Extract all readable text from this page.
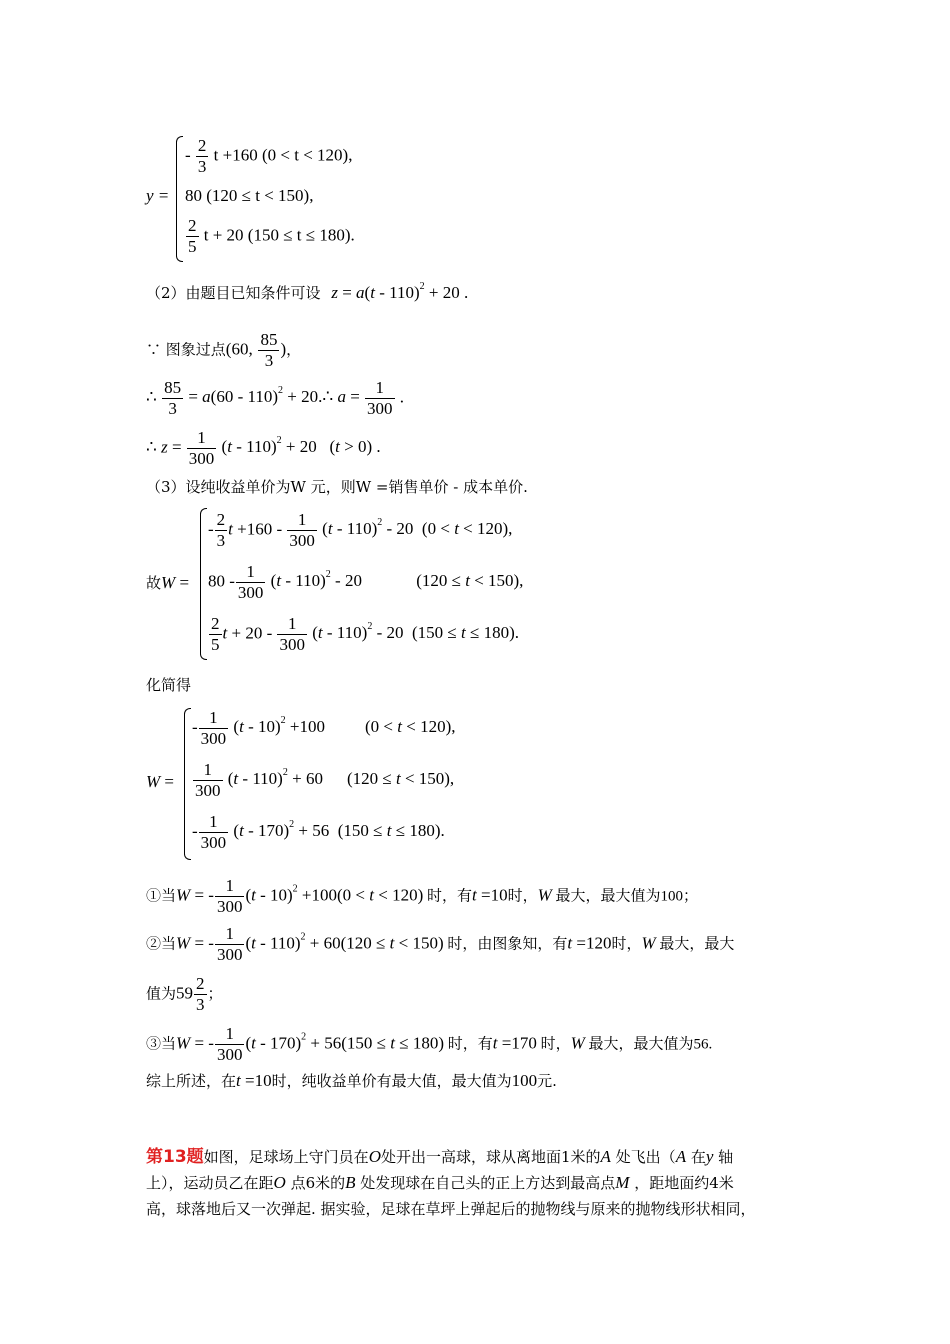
y =
- $\frac{2}{3}$ t +160 (0 < t < 120),
80 (120 ≤ t < 150),
$\frac{2}{5}$ t + 20 (150 ≤ t ≤ 180).
（2）由题目已知条件可设 z = a(t - 110)$^2$ + 20 .
∵ 图象过点(60, $\frac{85}{3}$ )，
∴ $\frac{85}{3} = a(60 - 110)^2$ + 20.∴ $a = \frac{1}{300}$ .
∴ $z = \frac{1}{300} (t - 110)^2 + 20$   (t > 0) .
（3）设纯收益单价为W 元，则W =销售单价 - 成本单价.
故W =
- $\frac{2}{3}$ $t +160 - \frac{1}{300} (t - 110)^2 - 20$  (0 < t < 120),
$80 - \frac{1}{300} (t - 110)^2 - 20$	(120 ≤ t < 150),
$\frac{2}{5}$ $t + 20 - \frac{1}{300} (t - 110)^2 - 20$  (150 ≤ t ≤ 180).
化简得
W =
- $\frac{1}{300} (t - 10)^2 +100$ (0 < t < 120),
$\frac{1}{300} (t - 110)^2 + 60$ (120 ≤ t < 150),
- $\frac{1}{300} (t - 170)^2 + 56$  (150 ≤ t ≤ 180).
①当W = - $\frac{1}{300} (t - 10)^2 +100(0 < t < 120)$ 时，有t =10时，W 最大，最大值为100；
②当W = - $\frac{1}{300} (t - 110)^2 + 60(120 \le t < 150)$ 时，由图象知，有t =120时，W 最大，最大
值为$59 \frac{2}{3}$ ；
③当W = - $\frac{1}{300} (t - 170)^2 + 56(150 \le t \le 180)$ 时，有t =170 时，W 最大，最大值为56.
综上所述，在t =10时，纯收益单价有最大值，最大值为100元.
第13题如图，足球场上守门员在O处开出一高球，球从离地面1米的A 处飞出（A 在y 轴
上），运动员乙在距O 点6米的B 处发现球在自己头的正上方达到最高点M ，距地面约4米
高，球落地后又一次弹起. 据实验，足球在草坪上弹起后的抛物线与原来的抛物线形状相同，
